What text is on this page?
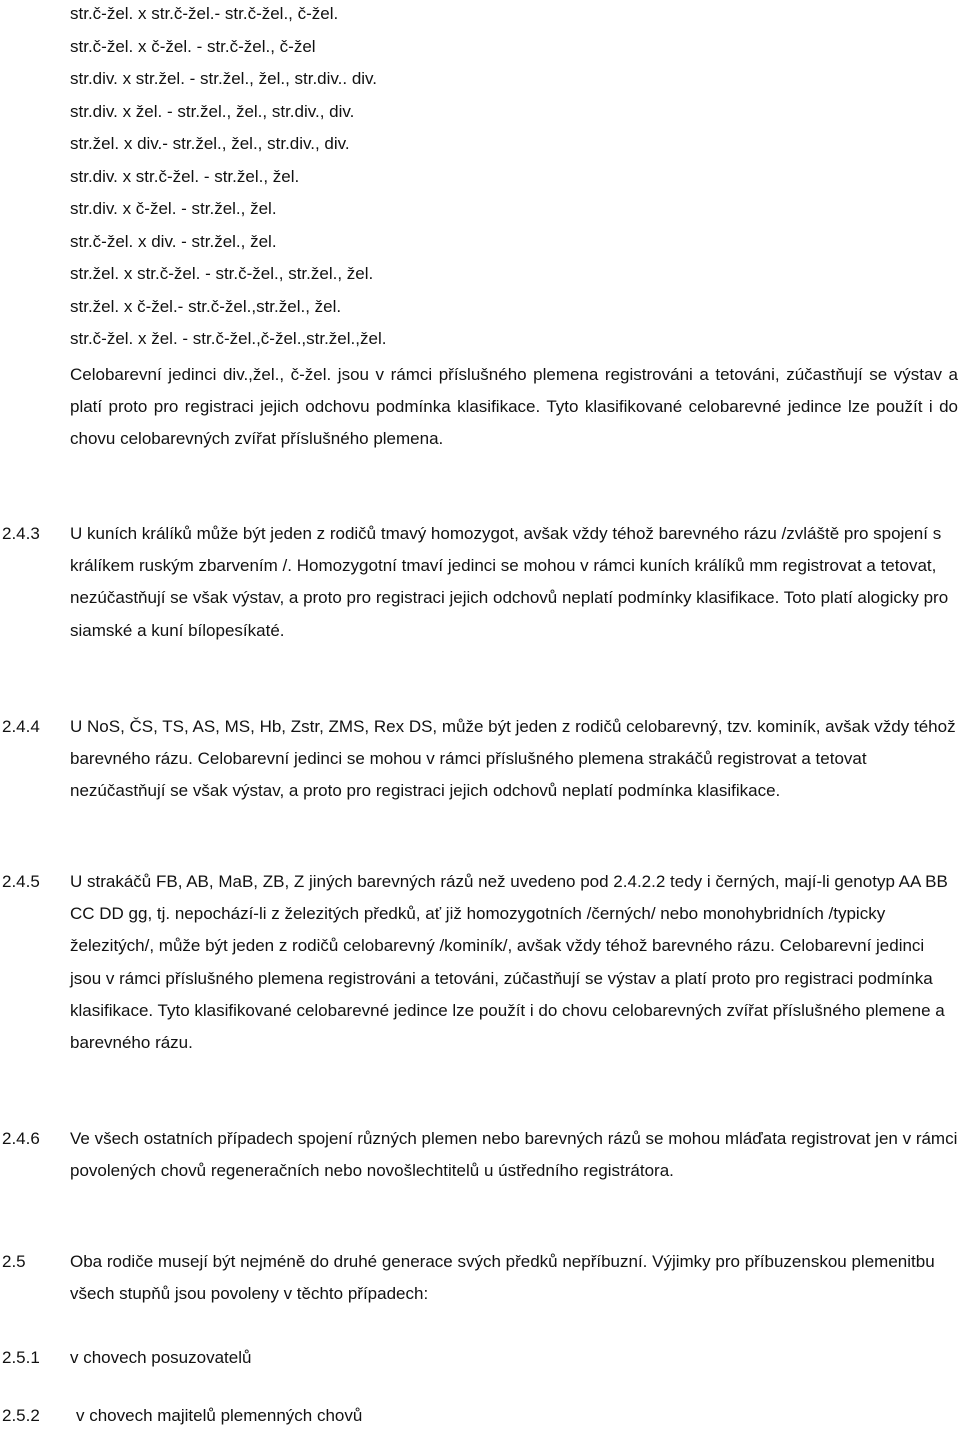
str.č-žel. x str.č-žel.- str.č-žel., č-žel.
str.č-žel. x č-žel. - str.č-žel., č-žel
str.div. x str.žel. - str.žel., žel., str.div.. div.
str.div. x žel. - str.žel., žel., str.div., div.
str.žel. x div.- str.žel., žel., str.div., div.
str.div. x str.č-žel. - str.žel., žel.
str.div. x č-žel. - str.žel., žel.
str.č-žel. x div. - str.žel., žel.
str.žel. x str.č-žel. - str.č-žel., str.žel., žel.
str.žel. x č-žel.- str.č-žel.,str.žel., žel.
str.č-žel. x žel. - str.č-žel.,č-žel.,str.žel.,žel.
Celobarevní jedinci div.,žel., č-žel. jsou v rámci příslušného plemena registrováni a tetováni, zúčastňují se výstav a platí proto pro registraci jejich odchovu podmínka klasifikace. Tyto klasifikované celobarevné jedince lze použít i do chovu celobarevných zvířat příslušného plemena.
2.4.3	U kuních králíků může být jeden z rodičů tmavý homozygot, avšak vždy téhož barevného rázu /zvláště pro spojení s králíkem ruským zbarvením /. Homozygotní tmaví jedinci se mohou v rámci kuních králíků mm registrovat a tetovat, nezúčastňují se však výstav, a proto pro registraci jejich odchovů neplatí podmínky klasifikace. Toto platí alogicky pro siamské a kuní bílopesíkaté.
2.4.4	U NoS, ČS, TS, AS, MS, Hb, Zstr, ZMS, Rex DS, může být jeden z rodičů celobarevný, tzv. kominík, avšak vždy téhož barevného rázu. Celobarevní jedinci se mohou v rámci příslušného plemena strakáčů registrovat a tetovat nezúčastňují se však výstav, a proto pro registraci jejich odchovů neplatí podmínka klasifikace.
2.4.5	U strakáčů FB, AB, MaB, ZB, Z jiných barevných rázů než uvedeno pod 2.4.2.2 tedy i černých, mají-li genotyp AA BB CC DD gg, tj. nepochází-li z železitých předků, ať již homozygotních /černých/ nebo monohybridních /typicky železitých/, může být jeden z rodičů celobarevný /kominík/, avšak vždy téhož barevného rázu. Celobarevní jedinci jsou v rámci příslušného plemena registrováni a tetováni, zúčastňují se výstav a platí proto pro registraci podmínka klasifikace. Tyto klasifikované celobarevné jedince lze použít i do chovu celobarevných zvířat příslušného plemene a barevného rázu.
2.4.6	Ve všech ostatních případech spojení různých plemen nebo barevných rázů se mohou mláďata registrovat jen v rámci povolených chovů regeneračních nebo novošlechtitelů u ústředního registrátora.
2.5	Oba rodiče musejí být nejméně do druhé generace svých předků nepříbuzní. Výjimky pro příbuzenskou plemenitbu všech stupňů jsou povoleny v těchto případech:
2.5.1	v chovech posuzovatelů
2.5.2	v chovech majitelů plemenných chovů
